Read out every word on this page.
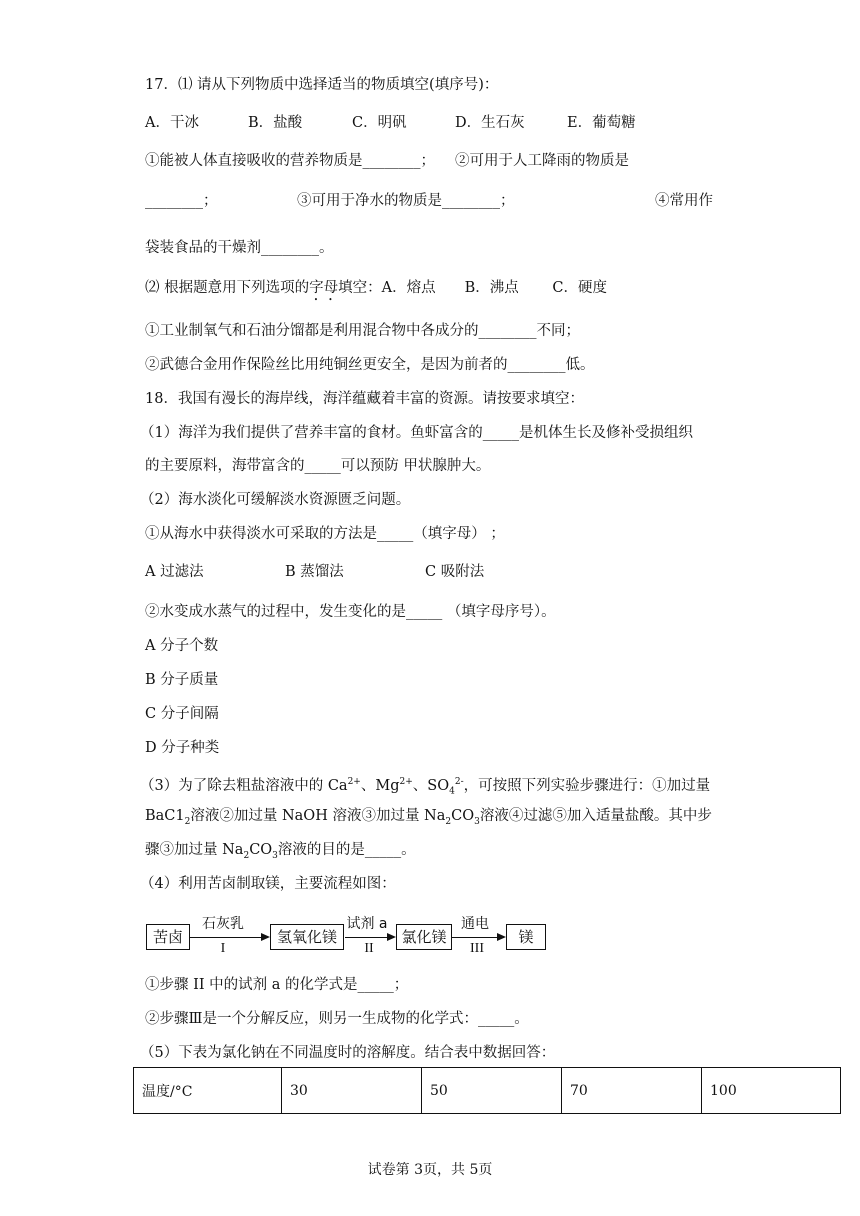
17．⑴ 请从下列物质中选择适当的物质填空(填序号)：
A．干冰	B．盐酸	C．明矾	D．生石灰	E．葡萄糖
①能被人体直接吸收的营养物质是________； ②可用于人工降雨的物质是
________；	③可用于净水的物质是________；	④常用作
袋装食品的干燥剂________。
⑵ 根据题意用下列选项的字母填空：A．熔点　　B．沸点　　 C．硬度
①工业制氧气和石油分馏都是利用混合物中各成分的________不同；
②武德合金用作保险丝比用纯铜丝更安全，是因为前者的________低。
18．我国有漫长的海岸线，海洋蕴藏着丰富的资源。请按要求填空：
（1）海洋为我们提供了营养丰富的食材。鱼虾富含的_____是机体生长及修补受损组织
的主要原料，海带富含的_____可以预防 甲状腺肿大。
（2）海水淡化可缓解淡水资源匮乏问题。
①从海水中获得淡水可采取的方法是_____（填字母） ；
A 过滤法	B 蒸馏法	C 吸附法
②水变成水蒸气的过程中，发生变化的是_____ （填字母序号）。
A 分子个数
B 分子质量
C 分子间隔
D 分子种类
（3）为了除去粗盐溶液中的 $Ca^{2+}$、$Mg^{2+}$、$SO_4^{2-}$，可按照下列实验步骤进行：①加过量
$BaC1_2$溶液②加过量 NaOH 溶液③加过量 $Na_2CO_3$溶液④过滤⑤加入适量盐酸。其中步
骤③加过量 $Na_2CO_3$溶液的目的是_____。
（4）利用苦卤制取镁，主要流程如图：
苦卤	氢氧化镁	氯化镁	镁
石灰乳	试剂 a	通电
I	II	III
①步骤 II 中的试剂 a 的化学式是_____；
②步骤Ⅲ是一个分解反应，则另一生成物的化学式：_____。
（5）下表为氯化钠在不同温度时的溶解度。结合表中数据回答：
温度/°C	30	50	70	100
试卷第 3页，共 5页
